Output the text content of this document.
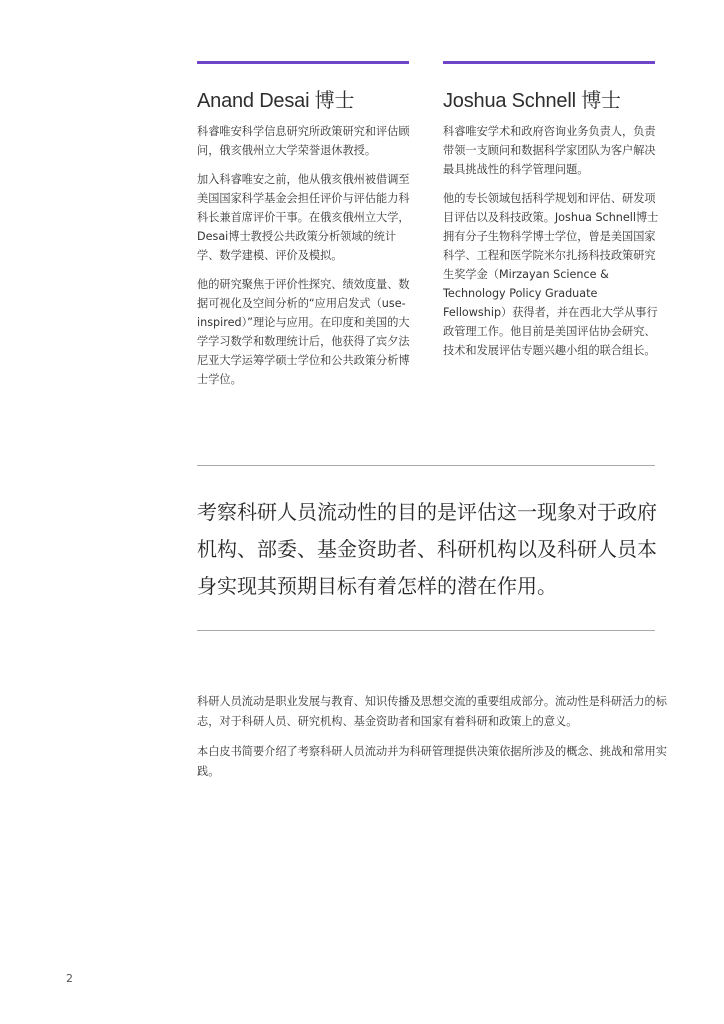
Anand Desai 博士

科睿唯安科学信息研究所政策研究和评估顾问，俄亥俄州立大学荣誉退休教授。

加入科睿唯安之前，他从俄亥俄州被借调至美国国家科学基金会担任评价与评估能力科科长兼首席评价干事。在俄亥俄州立大学，Desai博士教授公共政策分析领域的统计学、数学建模、评价及模拟。

他的研究聚焦于评价性探究、绩效度量、数据可视化及空间分析的“应用启发式（use-inspired）”理论与应用。在印度和美国的大学学习数学和数理统计后，他获得了宾夕法尼亚大学运筹学硕士学位和公共政策分析博士学位。

Joshua Schnell 博士

科睿唯安学术和政府咨询业务负责人，负责带领一支顾问和数据科学家团队为客户解决最具挑战性的科学管理问题。

他的专长领域包括科学规划和评估、研发项目评估以及科技政策。Joshua Schnell博士拥有分子生物科学博士学位，曾是美国国家科学、工程和医学院米尔扎扬科技政策研究生奖学金（Mirzayan Science & Technology Policy Graduate Fellowship）获得者，并在西北大学从事行政管理工作。他目前是美国评估协会研究、技术和发展评估专题兴趣小组的联合组长。

考察科研人员流动性的目的是评估这一现象对于政府机构、部委、基金资助者、科研机构以及科研人员本身实现其预期目标有着怎样的潜在作用。

科研人员流动是职业发展与教育、知识传播及思想交流的重要组成部分。流动性是科研活力的标志，对于科研人员、研究机构、基金资助者和国家有着科研和政策上的意义。

本白皮书简要介绍了考察科研人员流动并为科研管理提供决策依据所涉及的概念、挑战和常用实践。

2
